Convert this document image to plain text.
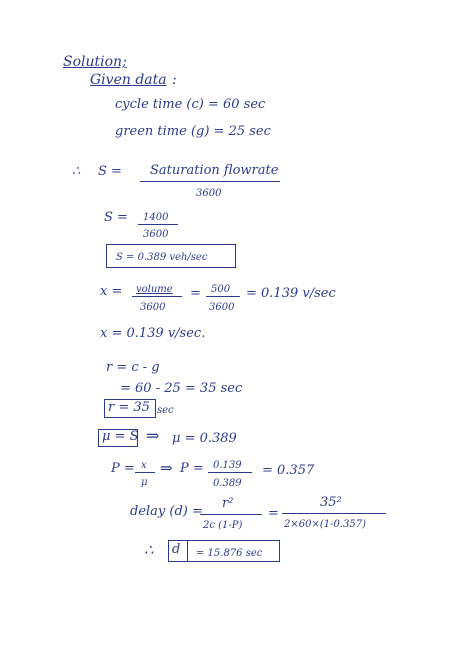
Solution;
Given data :
cycle time (c) = 60 sec
green time (g) = 25 sec
∴ S = Saturation flowrate
3600
S = 1400
3600
S = 0.389 veh/sec
x = volume
3600
= 500
3600
= 0.139 v/sec
x = 0.139 v/sec.
r = c - g
= 60 - 25 = 35 sec
r = 35 sec
μ = S ⇒ μ = 0.389
P = x
μ
⇒ P = 0.139
0.389
= 0.357
delay (d) =
r²
2c (1-P)
=
35²
2×60×(1-0.357)
∴ d = 15.876 sec
